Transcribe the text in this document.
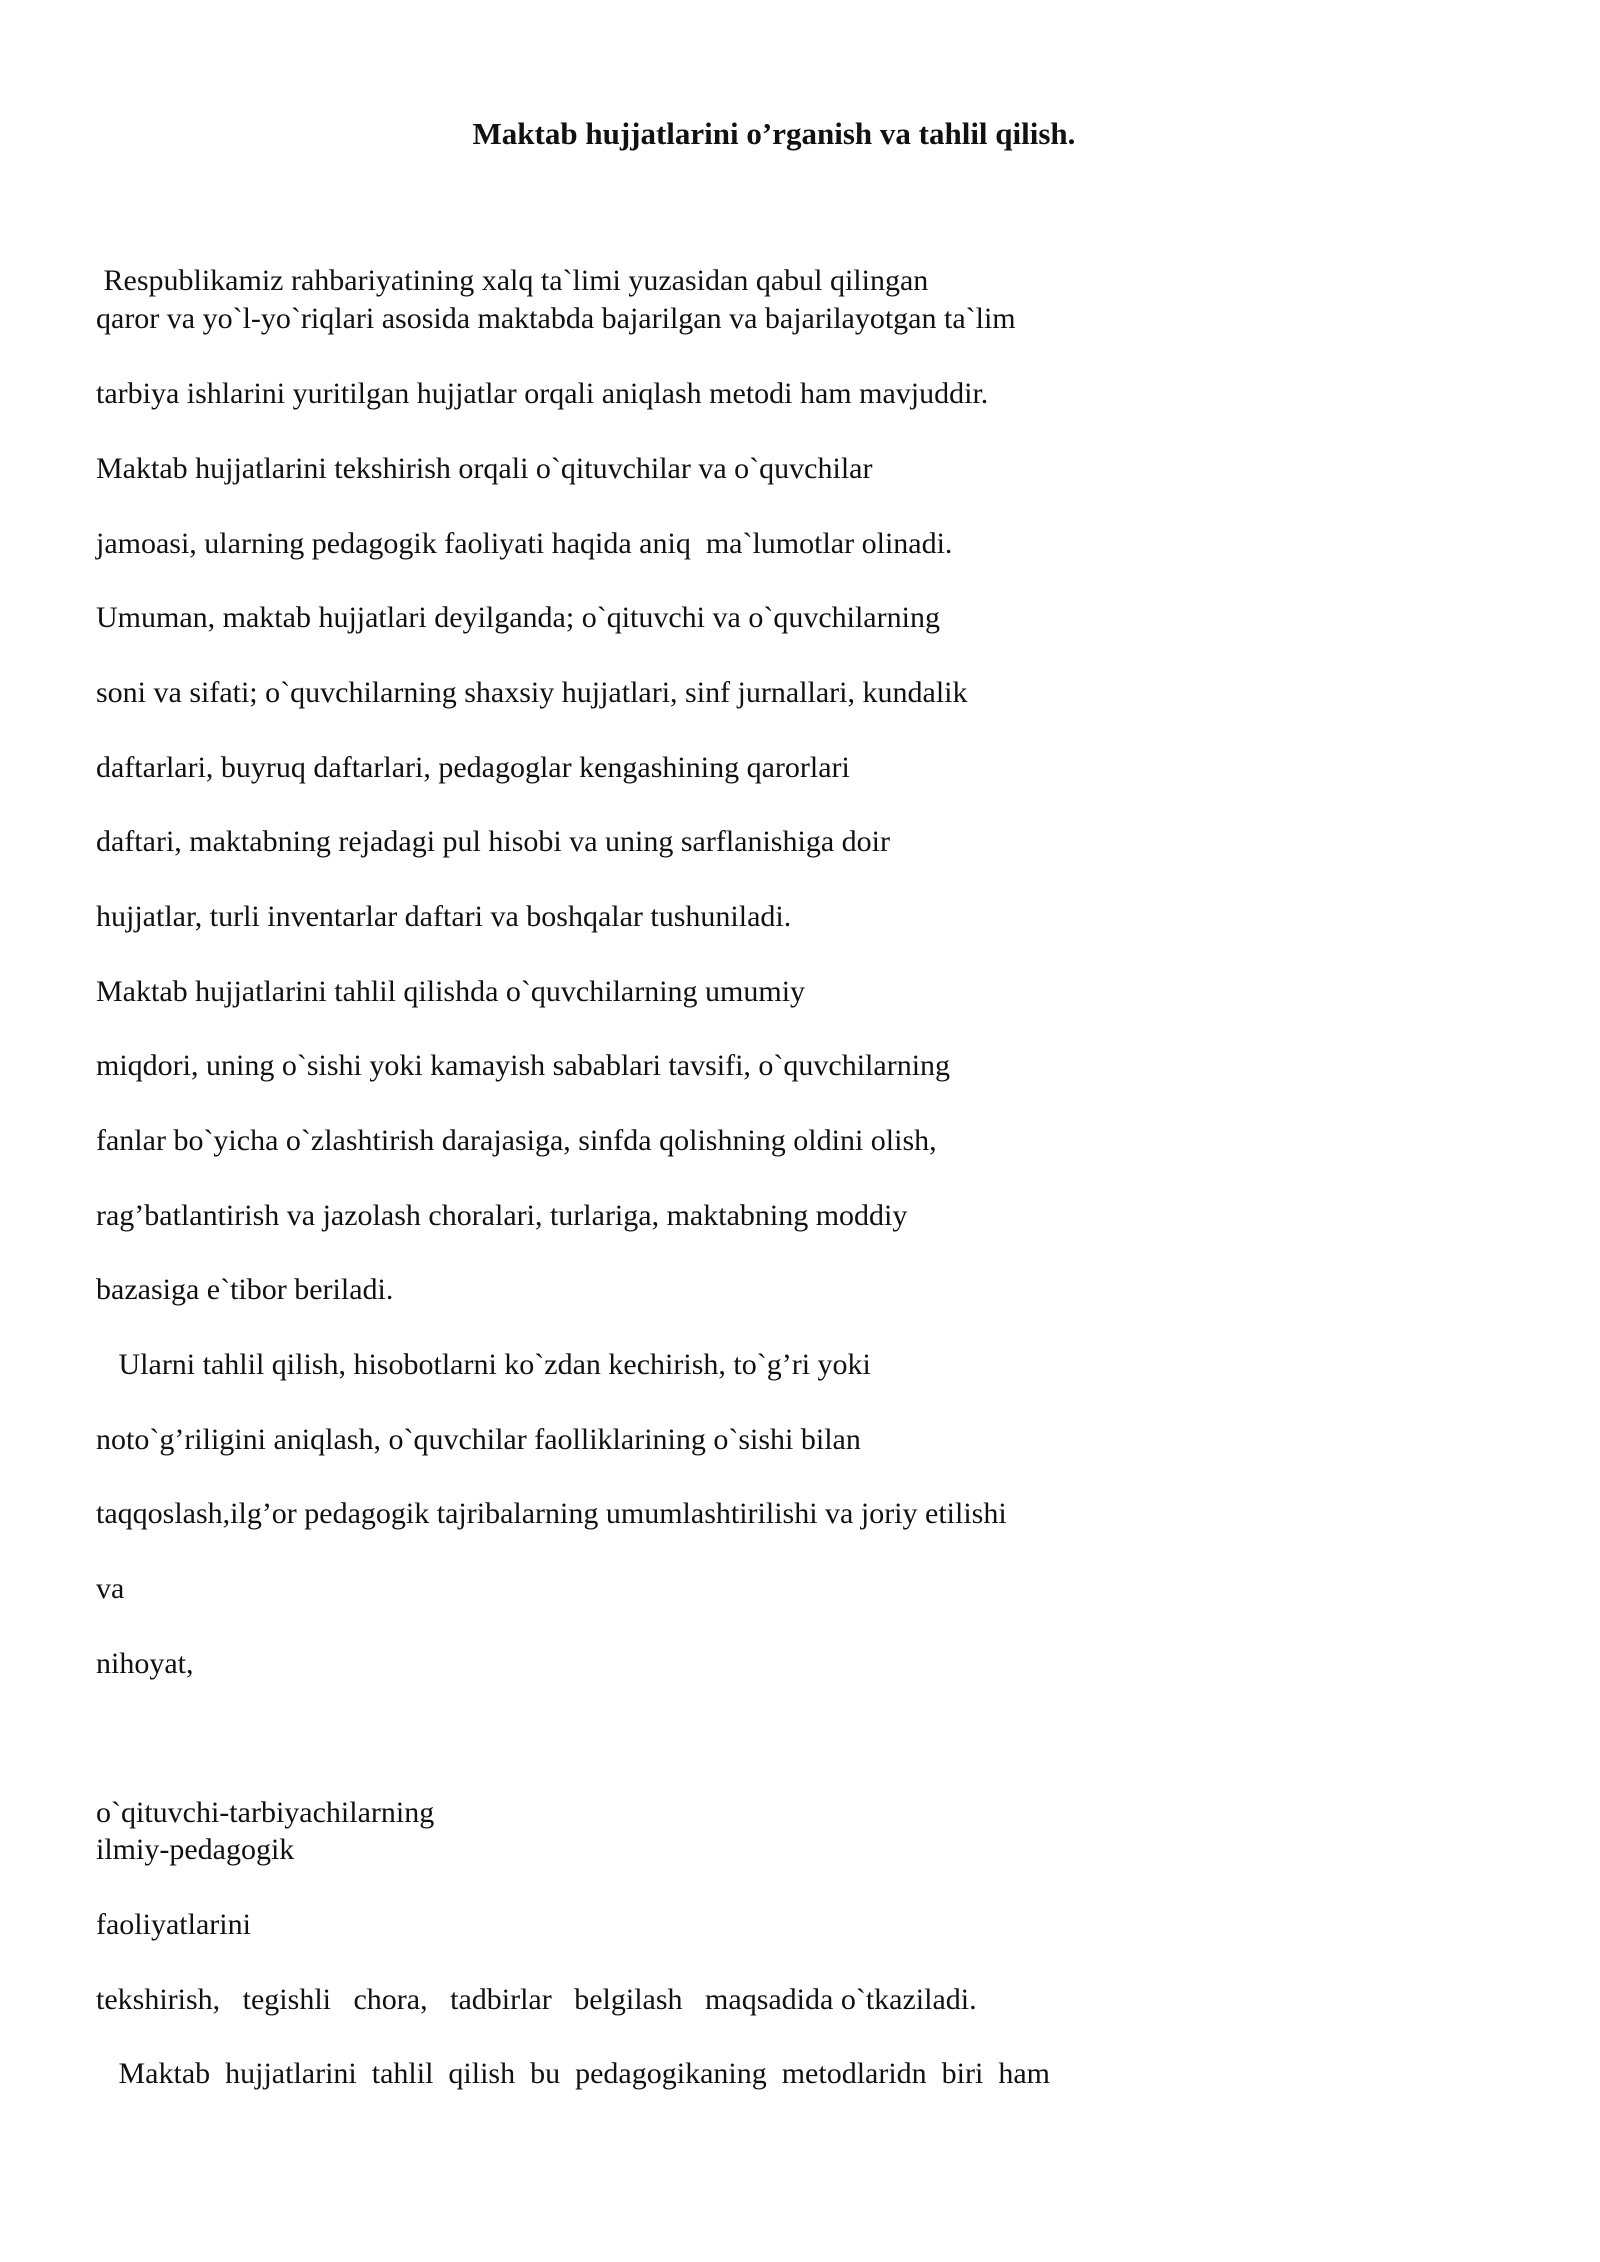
Maktab hujjatlarini o’rganish va tahlil qilish.
Respublikamiz rahbariyatining xalq ta`limi yuzasidan qabul qilingan
qaror va yo`l-yo`riqlari asosida maktabda bajarilgan va bajarilayotgan ta`lim
tarbiya ishlarini yuritilgan hujjatlar orqali aniqlash metodi ham mavjuddir.
Maktab hujjatlarini tekshirish orqali o`qituvchilar va o`quvchilar
jamoasi, ularning pedagogik faoliyati haqida aniq  ma`lumotlar olinadi.
Umuman, maktab hujjatlari deyilganda; o`qituvchi va o`quvchilarning
soni va sifati; o`quvchilarning shaxsiy hujjatlari, sinf jurnallari, kundalik
daftarlari, buyruq daftarlari, pedagoglar kengashining qarorlari
daftari, maktabning rejadagi pul hisobi va uning sarflanishiga doir
hujjatlar, turli inventarlar daftari va boshqalar tushuniladi.
Maktab hujjatlarini tahlil qilishda o`quvchilarning umumiy
miqdori, uning o`sishi yoki kamayish sabablari tavsifi, o`quvchilarning
fanlar bo`yicha o`zlashtirish darajasiga, sinfda qolishning oldini olish,
rag’batlantirish va jazolash choralari, turlariga, maktabning moddiy
bazasiga e`tibor beriladi.
Ularni tahlil qilish, hisobotlarni ko`zdan kechirish, to`g’ri yoki
noto`g’riligini aniqlash, o`quvchilar faolliklarining o`sishi bilan
taqqoslash,ilg’or pedagogik tajribalarning umumlashtirilishi va joriy etilishi
va
nihoyat,
o`qituvchi-tarbiyachilarning
ilmiy-pedagogik
faoliyatlarini
tekshirish,   tegishli   chora,   tadbirlar   belgilash   maqsadida o`tkaziladi.
Maktab  hujjatlarini  tahlil  qilish  bu  pedagogikaning  metodlaridn  biri  ham
